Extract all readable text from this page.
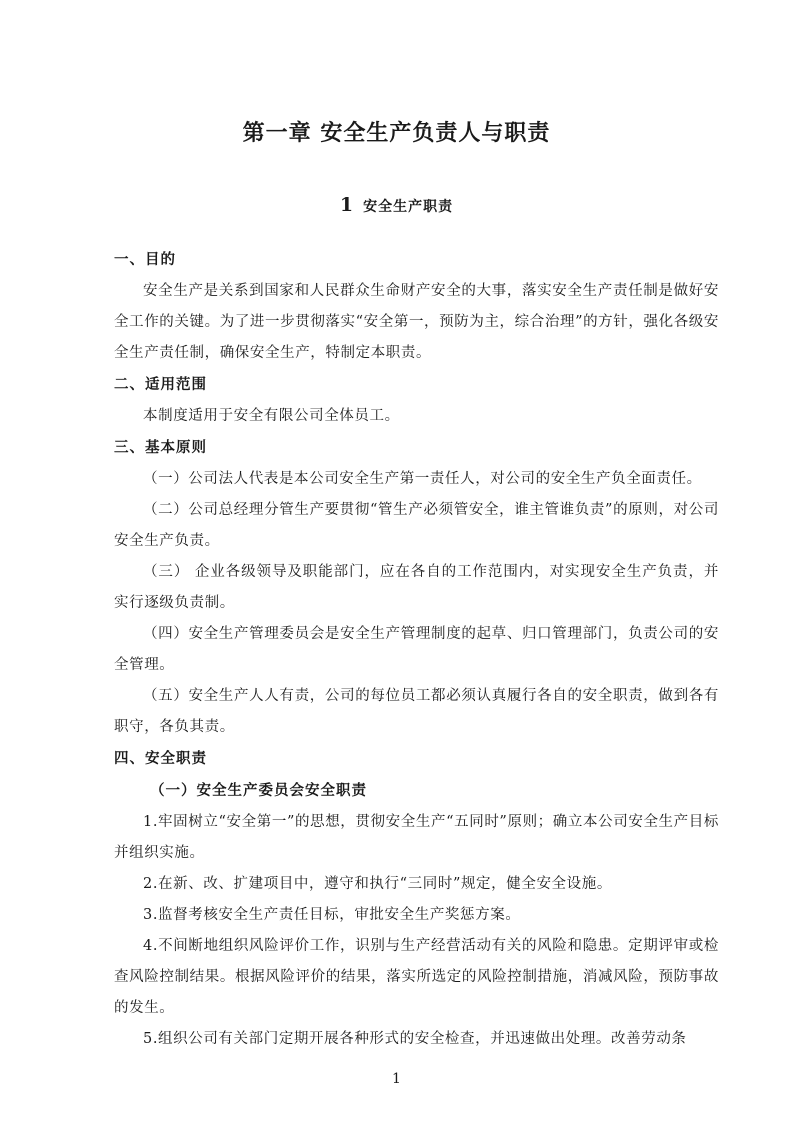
第一章 安全生产负责人与职责
1 安全生产职责

一、目的

安全生产是关系到国家和人民群众生命财产安全的大事，落实安全生产责任制是做好安全工作的关键。为了进一步贯彻落实“安全第一，预防为主，综合治理”的方针，强化各级安全生产责任制，确保安全生产，特制定本职责。

二、适用范围

本制度适用于安全有限公司全体员工。

三、基本原则

（一）公司法人代表是本公司安全生产第一责任人，对公司的安全生产负全面责任。

（二）公司总经理分管生产要贯彻“管生产必须管安全，谁主管谁负责”的原则，对公司安全生产负责。

（三） 企业各级领导及职能部门，应在各自的工作范围内，对实现安全生产负责，并实行逐级负责制。

（四）安全生产管理委员会是安全生产管理制度的起草、归口管理部门，负责公司的安全管理。

（五）安全生产人人有责，公司的每位员工都必须认真履行各自的安全职责，做到各有职守，各负其责。

四、安全职责

（一）安全生产委员会安全职责

1.牢固树立“安全第一”的思想，贯彻安全生产“五同时”原则；确立本公司安全生产目标并组织实施。

2.在新、改、扩建项目中，遵守和执行“三同时”规定，健全安全设施。

3.监督考核安全生产责任目标，审批安全生产奖惩方案。

4.不间断地组织风险评价工作，识别与生产经营活动有关的风险和隐患。定期评审或检查风险控制结果。根据风险评价的结果，落实所选定的风险控制措施，消减风险，预防事故的发生。

5.组织公司有关部门定期开展各种形式的安全检查，并迅速做出处理。改善劳动条

1
